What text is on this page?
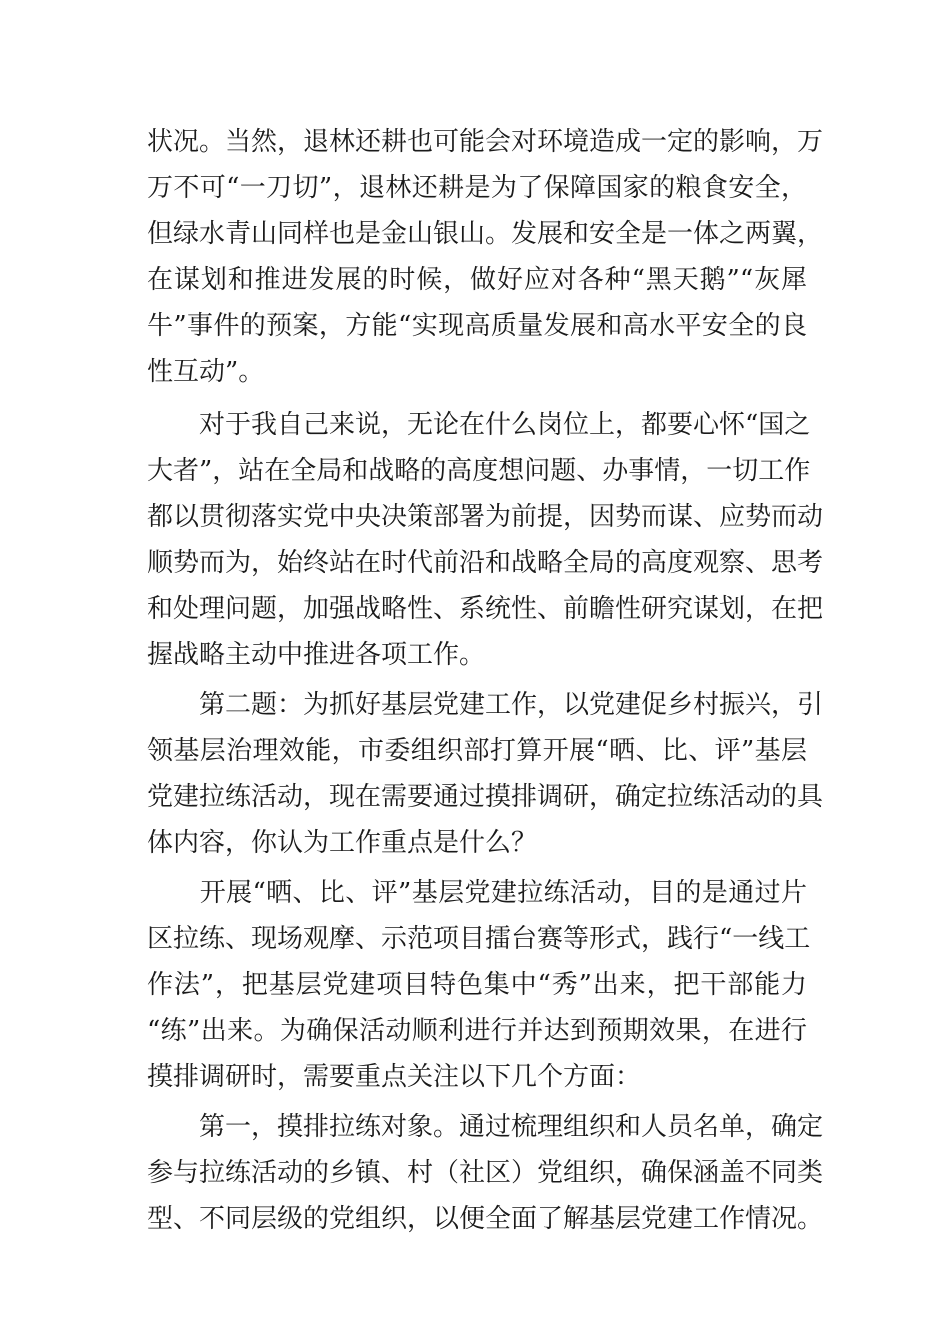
状况。当然，退林还耕也可能会对环境造成一定的影响，万

万不可“一刀切”，退林还耕是为了保障国家的粮食安全，

但绿水青山同样也是金山银山。发展和安全是一体之两翼，

在谋划和推进发展的时候，做好应对各种“黑天鹅”“灰犀

牛”事件的预案，方能“实现高质量发展和高水平安全的良

性互动”。

　　对于我自己来说，无论在什么岗位上，都要心怀“国之

大者”，站在全局和战略的高度想问题、办事情，一切工作

都以贯彻落实党中央决策部署为前提，因势而谋、应势而动

顺势而为，始终站在时代前沿和战略全局的高度观察、思考

和处理问题，加强战略性、系统性、前瞻性研究谋划，在把

握战略主动中推进各项工作。

　　第二题：为抓好基层党建工作，以党建促乡村振兴，引

领基层治理效能，市委组织部打算开展“晒、比、评”基层

党建拉练活动，现在需要通过摸排调研，确定拉练活动的具

体内容，你认为工作重点是什么？

　　开展“晒、比、评”基层党建拉练活动，目的是通过片

区拉练、现场观摩、示范项目擂台赛等形式，践行“一线工

作法”，把基层党建项目特色集中“秀”出来，把干部能力

“练”出来。为确保活动顺利进行并达到预期效果，在进行

摸排调研时，需要重点关注以下几个方面：

　　第一，摸排拉练对象。通过梳理组织和人员名单，确定

参与拉练活动的乡镇、村（社区）党组织，确保涵盖不同类

型、不同层级的党组织，以便全面了解基层党建工作情况。
